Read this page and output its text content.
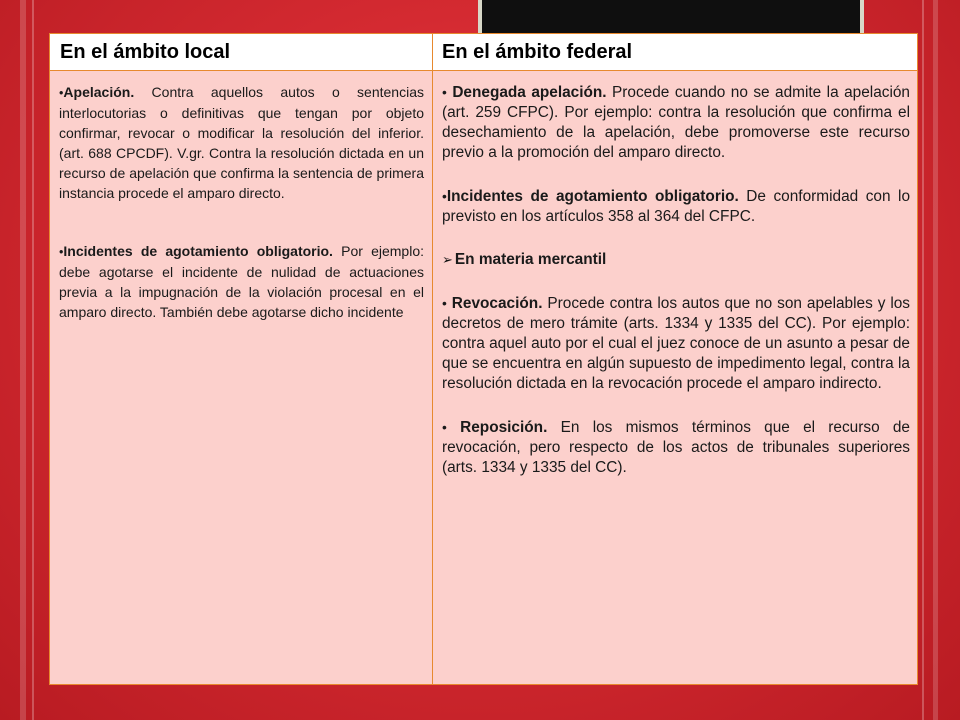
En el ámbito local	En el ámbito federal

•Apelación. Contra aquellos autos o sentencias interlocutorias o definitivas que tengan por objeto confirmar, revocar o modificar la resolución del inferior. (art. 688 CPCDF). V.gr. Contra la resolución dictada en un recurso de apelación que confirma la sentencia de primera instancia procede el amparo directo.

•Incidentes de agotamiento obligatorio. Por ejemplo: debe agotarse el incidente de nulidad de actuaciones previa a la impugnación de la violación procesal en el amparo directo. También debe agotarse dicho incidente

• Denegada apelación. Procede cuando no se admite la apelación (art. 259 CFPC). Por ejemplo: contra la resolución que confirma el desechamiento de la apelación, debe promoverse este recurso previo a la promoción del amparo directo.

•Incidentes de agotamiento obligatorio. De conformidad con lo previsto en los artículos 358 al 364 del CFPC.

➢ En materia mercantil

• Revocación. Procede contra los autos que no son apelables y los decretos de mero trámite (arts. 1334 y 1335 del CC). Por ejemplo: contra aquel auto por el cual el juez conoce de un asunto a pesar de que se encuentra en algún supuesto de impedimento legal, contra la resolución dictada en la revocación procede el amparo indirecto.

• Reposición. En los mismos términos que el recurso de revocación, pero respecto de los actos de tribunales superiores (arts. 1334 y 1335 del CC).
